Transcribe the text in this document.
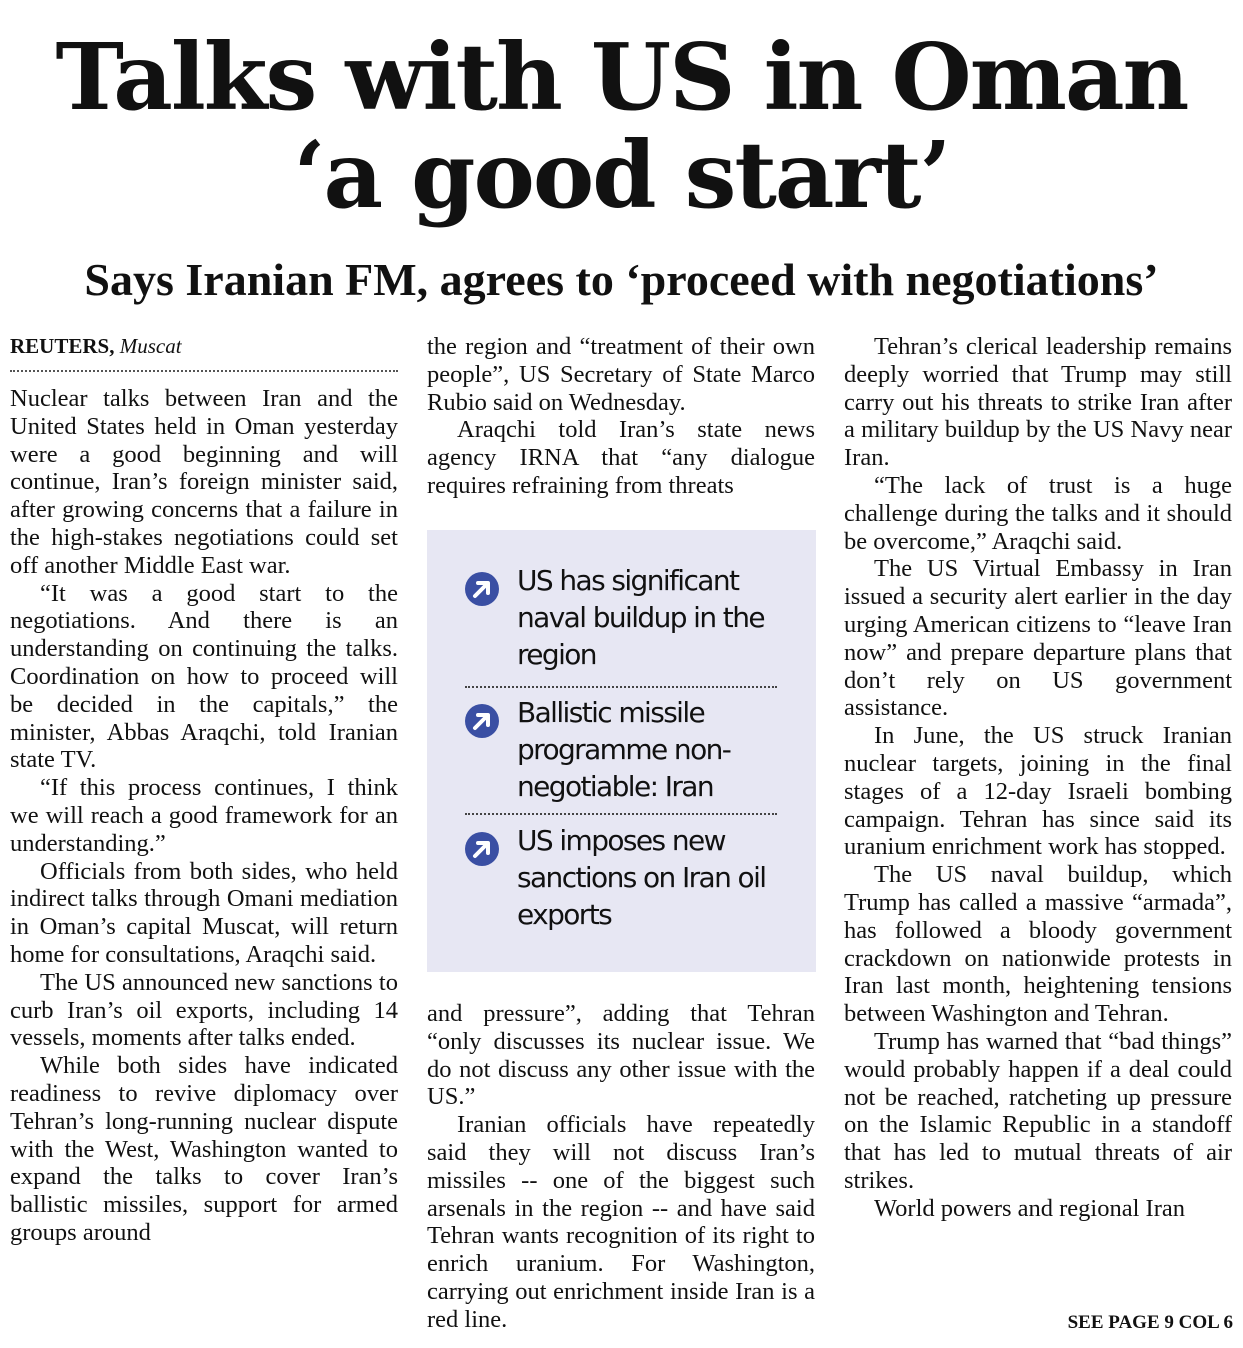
Talks with US in Oman
‘a good start’
Says Iranian FM, agrees to ‘proceed with negotiations’
REUTERS, Muscat

Nuclear talks between Iran and the United States held in Oman yesterday were a good beginning and will continue, Iran’s foreign minister said, after growing concerns that a failure in the high-stakes negotiations could set off another Middle East war.

“It was a good start to the negotiations. And there is an understanding on continuing the talks. Coordination on how to proceed will be decided in the capitals,” the minister, Abbas Araqchi, told Iranian state TV.

“If this process continues, I think we will reach a good framework for an understanding.”

Officials from both sides, who held indirect talks through Omani mediation in Oman’s capital Muscat, will return home for consultations, Araqchi said.

The US announced new sanctions to curb Iran’s oil exports, including 14 vessels, moments after talks ended.

While both sides have indicated readiness to revive diplomacy over Tehran’s long-running nuclear dispute with the West, Washington wanted to expand the talks to cover Iran’s ballistic missiles, support for armed groups around

the region and “treatment of their own people”, US Secretary of State Marco Rubio said on Wednesday.

Araqchi told Iran’s state news agency IRNA that “any dialogue requires refraining from threats

US has significant naval buildup in the region
Ballistic missile programme non-negotiable: Iran
US imposes new sanctions on Iran oil exports

and pressure”, adding that Tehran “only discusses its nuclear issue. We do not discuss any other issue with the US.”

Iranian officials have repeatedly said they will not discuss Iran’s missiles -- one of the biggest such arsenals in the region -- and have said Tehran wants recognition of its right to enrich uranium. For Washington, carrying out enrichment inside Iran is a red line.

Tehran’s clerical leadership remains deeply worried that Trump may still carry out his threats to strike Iran after a military buildup by the US Navy near Iran.

“The lack of trust is a huge challenge during the talks and it should be overcome,” Araqchi said.

The US Virtual Embassy in Iran issued a security alert earlier in the day urging American citizens to “leave Iran now” and prepare departure plans that don’t rely on US government assistance.

In June, the US struck Iranian nuclear targets, joining in the final stages of a 12-day Israeli bombing campaign. Tehran has since said its uranium enrichment work has stopped.

The US naval buildup, which Trump has called a massive “armada”, has followed a bloody government crackdown on nationwide protests in Iran last month, heightening tensions between Washington and Tehran.

Trump has warned that “bad things” would probably happen if a deal could not be reached, ratcheting up pressure on the Islamic Republic in a standoff that has led to mutual threats of air strikes.

World powers and regional Iran

SEE PAGE 9 COL 6
